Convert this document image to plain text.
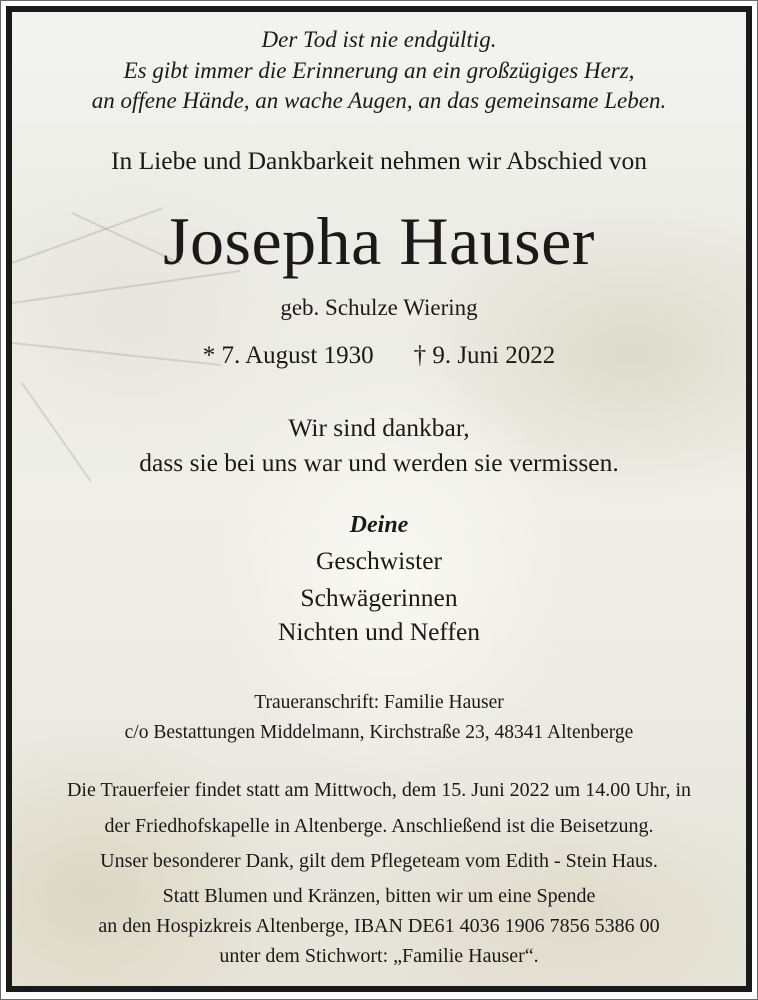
Der Tod ist nie endgültig.
Es gibt immer die Erinnerung an ein großzügiges Herz,
an offene Hände, an wache Augen, an das gemeinsame Leben.
In Liebe und Dankbarkeit nehmen wir Abschied von
Josepha Hauser
geb. Schulze Wiering
* 7. August 1930 † 9. Juni 2022
Wir sind dankbar,
dass sie bei uns war und werden sie vermissen.
Deine
Geschwister
Schwägerinnen
Nichten und Neffen
Traueranschrift: Familie Hauser
c/o Bestattungen Middelmann, Kirchstraße 23, 48341 Altenberge
Die Trauerfeier findet statt am Mittwoch, dem 15. Juni 2022 um 14.00 Uhr, in
der Friedhofskapelle in Altenberge. Anschließend ist die Beisetzung.
Unser besonderer Dank, gilt dem Pflegeteam vom Edith - Stein Haus.
Statt Blumen und Kränzen, bitten wir um eine Spende
an den Hospizkreis Altenberge, IBAN DE61 4036 1906 7856 5386 00
unter dem Stichwort: „Familie Hauser“.
